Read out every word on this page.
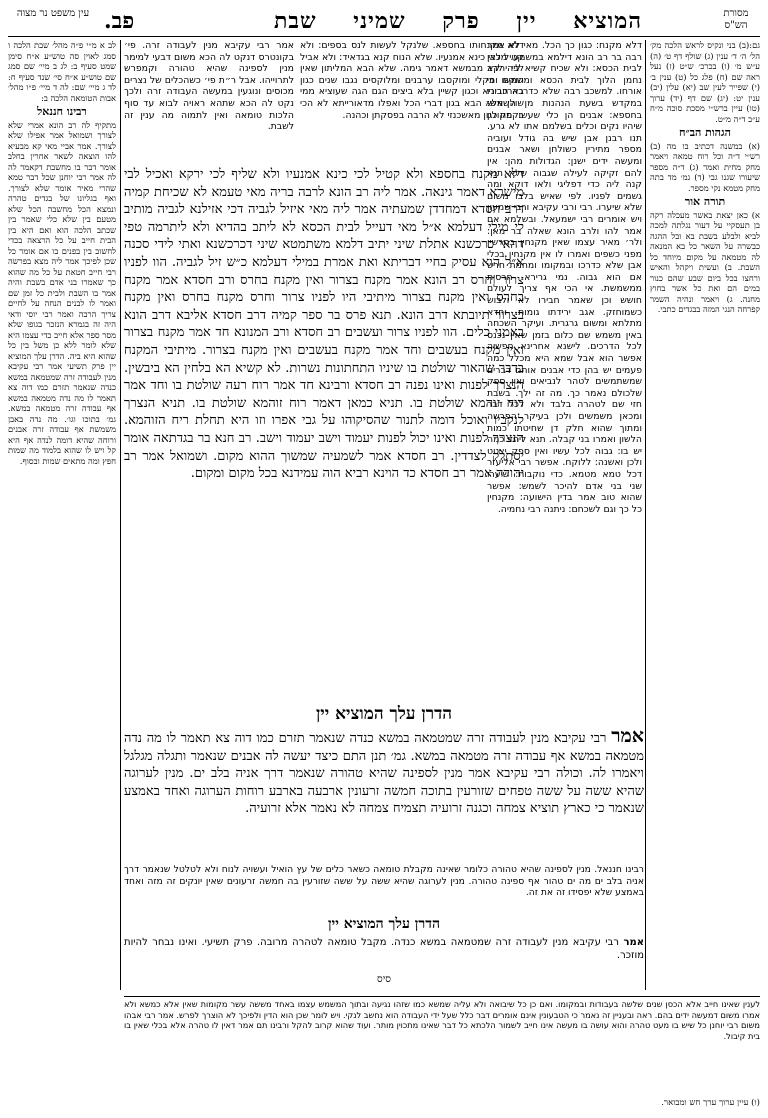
מסורת הש"ס
המוציא יין פרק שמיני שבת
פב.
עין משפט נר מצוה
גם:(ב) בני ונקיס לראש הלכה מק׳ הל׳ ה׳ ד׳ ענין (ג) שולף דף ט׳ (ה) ע״ש מ׳ (ו) בכרכ׳ ש״ט (ז) נעל ראה שם (ח) פלג כל (ט) ענין ב׳ (י) שפייר לעין שב (יא) עלין (יב) ענין יט: (יג) שם דף (יד) ערוך (טו) עיין ברש״י מסכת סוכה מ״ח ע״ב ד״ה מ״ט.
הגהות הב״ח
(א) במשנה דכתיב בו מה (ב) רש״י ד״ה וכל רוח טמאה ויאמר מחק מחית ואמר (ג) ד״ה מספר שיעורו שגנו גבי (ד) גמ׳ מד בתה מחק מטמא נקי מספר.
תורה אור
א) כאן יצאת באשר מעכלה רקה בן תעסקיי על דעור נגלתה למכה לביא ולבלע בשבת בא ובל ההגה כבשרה על השאר כל בא המנאה לה מטמאה על מקום מיוחד כל השבת. ב) ועשית ויקהל והאיש ורחצו בכל ביום שבע שהם כנור במים הם ואת כל אשר בחוץ מחנה. ג) ויאמר ונהיה השמר קפרחה הנגי המזה בבגדים כתבי.
לב א מ״י פ״ה מהל׳ שבת הלכה ו סמג לאוין סה טוש״ע א״ח סימן שמט סעיף ב: לג ב מיי׳ שם סמג שם טוש״ע א״ח סי׳ שנד סעיף ח: לד ג מיי׳ שם: לה ד מיי׳ פ״ו מהל׳ אבות הטומאה הלכה ב:
רבינו חננאל
מתקיף לה רב הונא אמרי שלא לצורך ושמואל אמר אפילו שלא לצורך. אמר אביי מאי קא מבעיא להו הוצאה לשאר אחרין בחלב אומר דבר בו מחשבת דקאמר לה לה אמר רבי יוחנן שכל דבר טמא שהרי מאיר אומר שלא לצורך. ואף בגליונו של בגדים טהרה ונמצא הכל מחשבה הכל שלא מטעם בין שלא כלי שאמר בין שכתב הלכה הוא ואם היא בין הבית חייב על כל הרצאה בכדי לחשוב בין בפנים בו אם אומר כל שכן לפיכך אמר ליה מצא בפרשה רבי חייב חטאת על כל מה שהוא כך שאמרו בני אדם בשבת והיה אמר בו השבת ולבית כל זמן שם ואמר לו לבנים הנחה על לחיים צריך הרבה ואמר רבי יוסי ודאי היה זה בגמרא הנזכר בגופו שלא מסר ספר אלא חייב כדי עצמו היא שלא לומר ללא כן משל בין כל שהוא היא ביה. הדרן עלך המוציא יין פרק תשיעי אמר רבי עקיבא מנין לעבודה זרה שמטמאה במשא כנדה שנאמר תזרם כמו דוה צא תאמר לו מה נדה מטמאה במשא אף עבודה זרה מטמאה במשא. גמ׳ בתוכו וגו׳. מה נדה באבן משמשת אף עבודה זרה אבנים ורוחה שהיא דומה לנדה אף היא קל ויש לו שהוא בלמוד מה שמות חפץ ומה מתאים שמות ובסוף.
דלא מקנח: כגון כך הכל. מאי לא אמר רבה בר רב הונא דילמא במשמע. מכאן לבית הכסא: ולא שכיח קשיא ליה לרב נחמן הלוך לבית הכסא ומשמשו כי אורחו. למשכב רבה שלא כדרכה חבירו במקדש בשעת הנהנות מן השמש: בחספא: אבנים הן כלי שעשו מקולין שיהיו נקים וכלים בשלמם אתו לא גרע. תנו רבנן אבן שיש בה גודל ועוביה מספר מתירין כשולחן ושאר אבנים ומעשה ידים ישנן: הגדולות מהן: אין להם זקיקה לעילה שגבוה שלא תנא קנה ליה כדי דפליגי ולאו דוקא ומה גשמים לפניו. לפי שאיש בלבו משום שלא שיערו. רבי ורבי עקיבא ורבי שמעון ויש אומרים רבי ישמעאל. ובשלמא אם אמר להו ולרב הונא שאלה בר מאן: ולר׳ מאיר עצמו שאין מקנחין בחרשין מפני כשפים ואמרו לו אין מקנחין בכלי אבן שלא כדרכו ובמקומו ומחמת חרש אם הוא גבוה. נמי גרירא. חרסית ממשמשת. אי הכי אף צריך לעולם חושש וכן שאמר חבירו לא ולבוש כשמוחזק. אגב ירידתו גומות. וחדא מתלתא ומשום גרגרית. ועיקר השכחה באין משמש שם כלום בזמן שאין נכנס לכל הדרכים. לישנא אחרינא חפשיה אפשר הוא אבל שמא היא מכלל כמה פעמים יש בהן כדי אבנים אותם דברים שמשתמשים לטהר לנביאים ואין ספק שלכולם נאמר כך. מה זה ילך. בשבת חזי שם לטהרה בלבד ולא לכל דבר ומכאן משמשים ולכן בעיקר הפרשה ומתוך שהוא חלק דן שחיטתו כמות הלשון ואמרו בני קבלה. תנא ליחזי כמה יש בו: גבוה לכל עשיו ואין ספק יצטט ולכן ואשנה: ללוקח. אפשר רבי אליעזר דכל טמא מטמא. כדי נוקבות: שיערו שני בני אדם להיכר לשמש: אפשר שהוא טוב אמר בדין הישועה: מקנחין כל כך וגם לשכחם: ניתנה רבי נחמיה.
דלא מקנחותו בחספא. שלנקל לעשות לנס בספים: ולא קטיל לבי כינא אמנעיו. שלא הנוח קנא בגדאיד: ולא אביל לבי ירקא מבמשא דאמר גימה. שלא הבא המליתון שאין הוקם ומקלי ומוקסבו ערבנים ומלוקסים נגבו שנים כגון בארכבוניא וכגון קשיין בלא ביצים הגם הגה שעוציא ממי שולן אלא הבא בגון דברי הכל ואפלו מדאורייתא לא הכי בקפח כגון מאשכנזי לא הרבה בפסקתן וכהנה.
אמר רבי עקיבא מנין לעבודה זרה. פי׳ בקונטרס דנקט לה הכא משום דבעי למימר מנין לספינה שהיא טהורה וקמפרש לתרוייהו. אבל ר״ת פי׳ כשהכלים של נצרים מכוסים ונוגעין במעשה העבודה זרה ולכך נקט לה הכא שתהא ראויה לבוא עד סוף הלכות טומאה ואין לתמוה מה ענין זה לשבת.
דלא מקנח בחספא ולא קטיל לכי כינא אמנעיו ולא שליף לכי ירקא ואכיל לבי מישרא דאמר גינאה. אמר ליה רב הונא לרבה בריה מאי טעמא לא שכיחת קמיה דרב חסדא דמחדדן שמעתיה אמר ליה מאי איזיל לגביה דכי אזילנא לגביה מותיב לי מילי דעלמא א״ל מאי דעייל לבית הכסא לא ליתב בהדיא ולא ליתרמה טפי דהאי כרכשנא אתלת שיני יתיב דלמא משתמטא שיני דכרכשנא ואתי לידי סכנה א״ל הוא עסיק בחיי דבריתא ואת אמרת במילי דעלמא כ״ש זיל לגביה. הוו לפניו צרור וחרס רב הונא אמר מקנח בצרור ואין מקנח בחרס ורב חסדא אמר מקנח בחרס ואין מקנח בצרור מיתיבי היו לפניו צרור וחרס מקנח בחרס ואין מקנח בצרור תיובתא דרב הונא. תנא פרס בר ספר קמיה דרב חסדא אליבא דרב הונא באמני כלים. הוו לפניו צרור ועשבים רב חסדא ורב המנונא חד אמר מקנח בצרור ואין מקנח בעשבים וחד אמר מקנח בעשבים ואין מקנח בצרור. מיתיבי המקנח בדבר שהאור שולטת בו שיניו התחתונות נשרות. לא קשיא הא בלחין הא ביבשין. הנצרך לפנות ואינו נפנה רב חסדא ורבינא חד אמר רוח רעה שולטת בו וחד אמר רוח זוהמא שולטת בו. תניא כמאן דאמר רוח זוהמא שולטת בו. תניא הנצרך לנקביו ואוכל דומה לתנור שהסיקוהו על גבי אפרו וזו היא תחלת ריח הזוהמא. הנצרך לפנות ואינו יכול לפנות יעמוד וישב יעמוד וישב. רב חנא בר בגדתאה אומר יסתלק לצדדין. רב חסדא אמר לשמעיה שמשוך ההוא מקום. ושמואל אמר רב יהודה אמר רב חסדא כד הוינא רביא הוה עמידנא בכל מקום ומקום.
הדרן עלך המוציא יין
אמר רבי עקיבא מנין לעבודה זרה שמטמאה במשא כנדה שנאמר תזרם כמו דוה צא תאמר לו מה נדה מטמאה במשא אף עבודה זרה מטמאה במשא. גמ׳ תנן התם כיצד יעשה לה אבנים שנאמר ותגלה מגלגל ויאמרו לה. וכולה רבי עקיבא אמר מנין לספינה שהיא טהורה שנאמר דרך אניה בלב ים. מנין לערוגה שהיא ששה על ששה טפחים שזורעין בתוכה חמשה זרעונין ארבעה בארבע רוחות הערוגה ואחד באמצע שנאמר כי כארץ תוציא צמחה וכגנה זרועיה תצמיח צמחה לא נאמר אלא זרועיה.
רבינו חננאל. מנין לספינה שהיא טהורה כלומר שאינה מקבלת טומאה כשאר כלים של עץ הואיל ועשויה לנוח ולא לטלטל שנאמר דרך אניה בלב ים מה ים טהור אף ספינה טהורה. מנין לערוגה שהיא ששה על ששה שזורעין בה חמשה זרעונים שאין יונקים זה מזה ואחד באמצע שלא יפסידו זה את זה.
הדרן עלך המוציא יין
אמר רבי עקיבא מנין לעבודה זרה שמטמאה במשא כנדה. מקבל טומאה לטהרה מרובה. פרק תשיעי. ואינו נבחר להיות מוזכר.
סיס
לענין שאינו חייב אלא הכסן שנים שלשה בעבודות ובמקומו. ואם כן כל שיבואה ולא עליה שמשא כמו שזהו נגיעה ובתוך המשמש עצמו באחד מששה עשר מקומות שאין אלא כמשא ולא אמרו משום דמעשה ידים בהם. ראה ובעניין זה נאמר כי הטבעונין אינם אומרים דבר כלל שעל ידי העבודה הוא נחשב לנקי. ויש לומר שכן הוא הדין ולפיכך לא הוצרך לפרש. אמר רבי אבהו משום רבי יוחנן כל שיש בו מעט טהרה והוא עושה בו מעשה אינו חייב לשמור הלכתא כל דבר שאינו מתכוין מותר. ועוד שהוא קרוב להקל ורבינו תם אמר דאין לו טהרה אלא בכלי שאין בו בית קיבול.
(ו) עיין ערוך ערך חש ומבואר.
